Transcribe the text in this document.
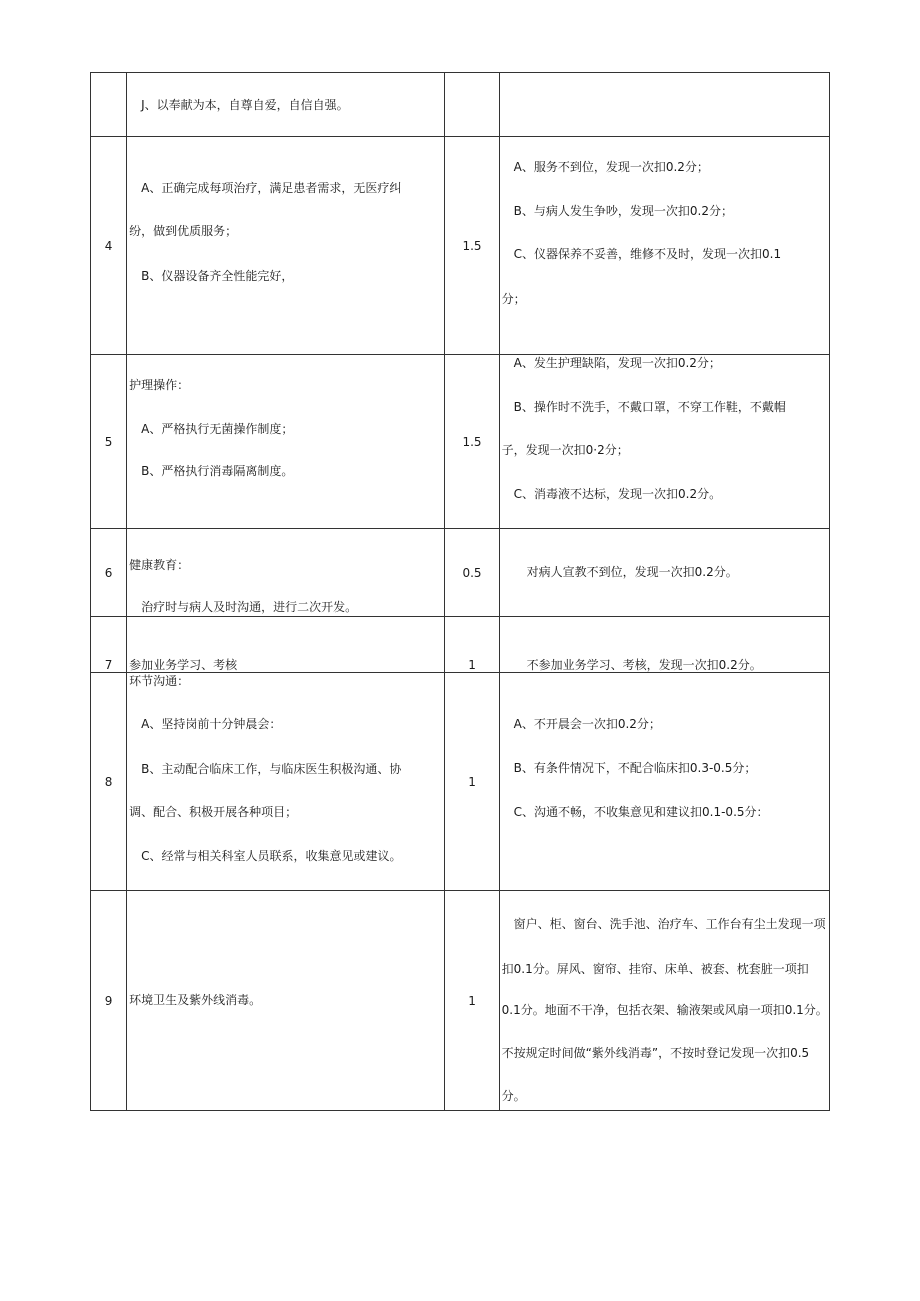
	J、以奉献为本，自尊自爱，自信自强。		

4	A、正确完成每项治疗，满足患者需求，无医疗纠
纷，做到优质服务；
B、仪器设备齐全性能完好，	1.5	A、服务不到位，发现一次扣0.2分；
B、与病人发生争吵，发现一次扣0.2分；
C、仪器保养不妥善，维修不及时，发现一次扣0.1
分；

5	护理操作：
A、严格执行无菌操作制度；
B、严格执行消毒隔离制度。	1.5	A、发生护理缺陷，发现一次扣0.2分；
B、操作时不洗手，不戴口罩，不穿工作鞋，不戴帽
子，发现一次扣0·2分；
C、消毒液不达标，发现一次扣0.2分。

6	健康教育：
治疗时与病人及时沟通，进行二次开发。	0.5	对病人宣教不到位，发现一次扣0.2分。

7	参加业务学习、考核	1	不参加业务学习、考核，发现一次扣0.2分。

8	环节沟通：
A、坚持岗前十分钟晨会：
B、主动配合临床工作，与临床医生积极沟通、协
调、配合、积极开展各种项目；
C、经常与相关科室人员联系，收集意见或建议。	1	A、不开晨会一次扣0.2分；
B、有条件情况下，不配合临床扣0.3-0.5分；
C、沟通不畅，不收集意见和建议扣0.1-0.5分：

9	环境卫生及紫外线消毒。	1	窗户、柜、窗台、洗手池、治疗车、工作台有尘土发现一项
扣0.1分。屏风、窗帘、挂帘、床单、被套、枕套脏一项扣
0.1分。地面不干净，包括衣架、输液架或风扇一项扣0.1分。
不按规定时间做“紫外线消毒”，不按时登记发现一次扣0.5
分。
